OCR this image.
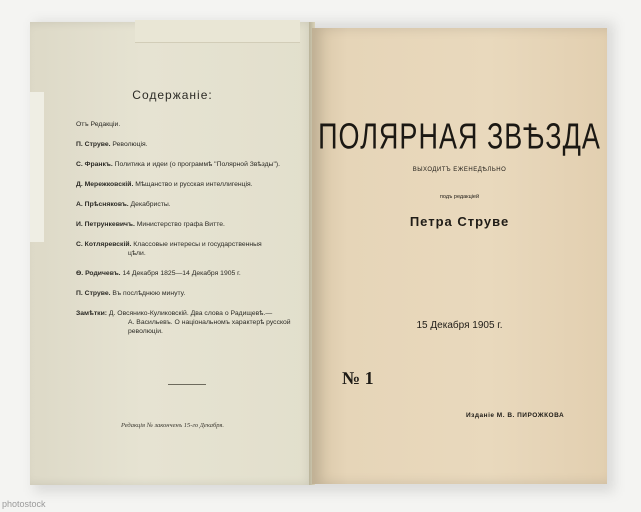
Содержаніе:
Отъ Редакціи.
П. Струве. Революція.
С. Франкъ. Политика и идеи (о программѣ "Полярной Звѣзды").
Д. Мережковскій. Мѣщанство и русская интеллигенція.
А. Прѣсняковъ. Декабристы.
И. Петрункевичъ. Министерство графа Витте.
С. Котляревскій. Классовые интересы и государственныя
цѣли.
Ѳ. Родичевъ. 14 Декабря 1825—14 Декабря 1905 г.
П. Струве. Въ послѣднюю минуту.
Замѣтки: Д. Овсянико-Куликовскій. Два слова о Радищевѣ.—
А. Васильевъ. О національномъ характерѣ русской революціи.
Редакція № законченъ 15-го Декабря.
ПОЛЯРНАЯ ЗВѢЗДА
ВЫХОДИТЪ ЕЖЕНЕДѢЛЬНО
подъ редакціей
Петра Струве
15 Декабря 1905 г.
№ 1
Изданіе М. В. ПИРОЖКОВА
photostock
